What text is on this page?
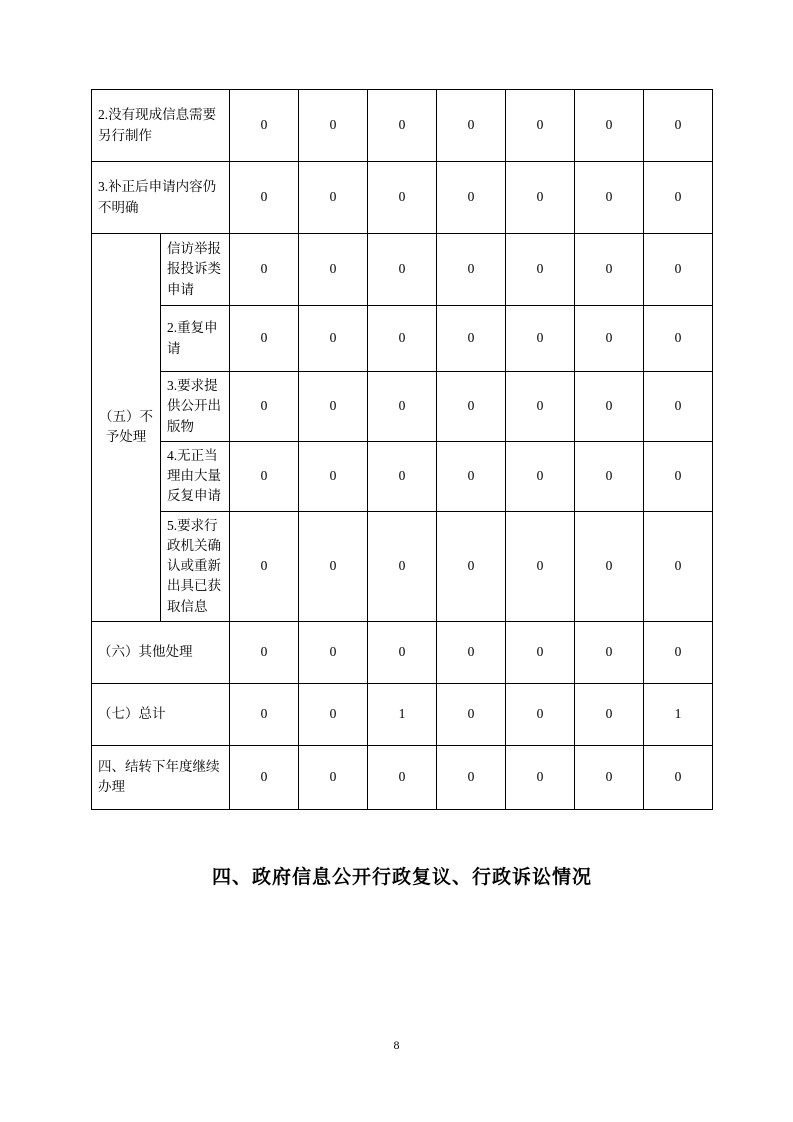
2.没有现成信息需要另行制作		0	0	0	0	0	0	0
3.补正后申请内容仍不明确		0	0	0	0	0	0	0
（五）不予处理	信访举报报投诉类申请	0	0	0	0	0	0	0
	2.重复申请	0	0	0	0	0	0	0
	3.要求提供公开出版物	0	0	0	0	0	0	0
	4.无正当理由大量反复申请	0	0	0	0	0	0	0
	5.要求行政机关确认或重新出具已获取信息	0	0	0	0	0	0	0
（六）其他处理		0	0	0	0	0	0	0
（七）总计		0	0	1	0	0	0	1
四、结转下年度继续办理		0	0	0	0	0	0	0
四、政府信息公开行政复议、行政诉讼情况
8
